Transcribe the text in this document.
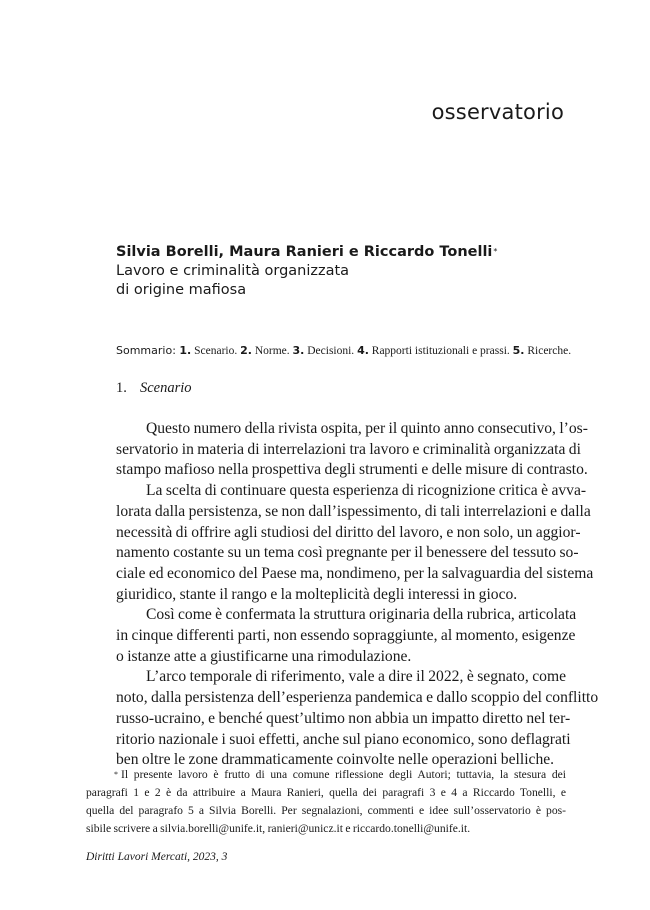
osservatorio
Silvia Borelli, Maura Ranieri e Riccardo Tonelli*
Lavoro e criminalità organizzata
di origine mafiosa
Sommario: 1. Scenario. 2. Norme. 3. Decisioni. 4. Rapporti istituzionali e prassi. 5. Ricerche.
1. Scenario

Questo numero della rivista ospita, per il quinto anno consecutivo, l’os-
servatorio in materia di interrelazioni tra lavoro e criminalità organizzata di
stampo mafioso nella prospettiva degli strumenti e delle misure di contrasto.

La scelta di continuare questa esperienza di ricognizione critica è avva-
lorata dalla persistenza, se non dall’ispessimento, di tali interrelazioni e dalla
necessità di offrire agli studiosi del diritto del lavoro, e non solo, un aggior-
namento costante su un tema così pregnante per il benessere del tessuto so-
ciale ed economico del Paese ma, nondimeno, per la salvaguardia del sistema
giuridico, stante il rango e la molteplicità degli interessi in gioco.

Così come è confermata la struttura originaria della rubrica, articolata
in cinque differenti parti, non essendo sopraggiunte, al momento, esigenze
o istanze atte a giustificarne una rimodulazione.

L’arco temporale di riferimento, vale a dire il 2022, è segnato, come
noto, dalla persistenza dell’esperienza pandemica e dallo scoppio del conflitto
russo-ucraino, e benché quest’ultimo non abbia un impatto diretto nel ter-
ritorio nazionale i suoi effetti, anche sul piano economico, sono deflagrati
ben oltre le zone drammaticamente coinvolte nelle operazioni belliche.

* Il presente lavoro è frutto di una comune riflessione degli Autori; tuttavia, la stesura dei
paragrafi 1 e 2 è da attribuire a Maura Ranieri, quella dei paragrafi 3 e 4 a Riccardo Tonelli, e
quella del paragrafo 5 a Silvia Borelli. Per segnalazioni, commenti e idee sull’osservatorio è pos-
sibile scrivere a silvia.borelli@unife.it, ranieri@unicz.it e riccardo.tonelli@unife.it.
Diritti Lavori Mercati, 2023, 3
